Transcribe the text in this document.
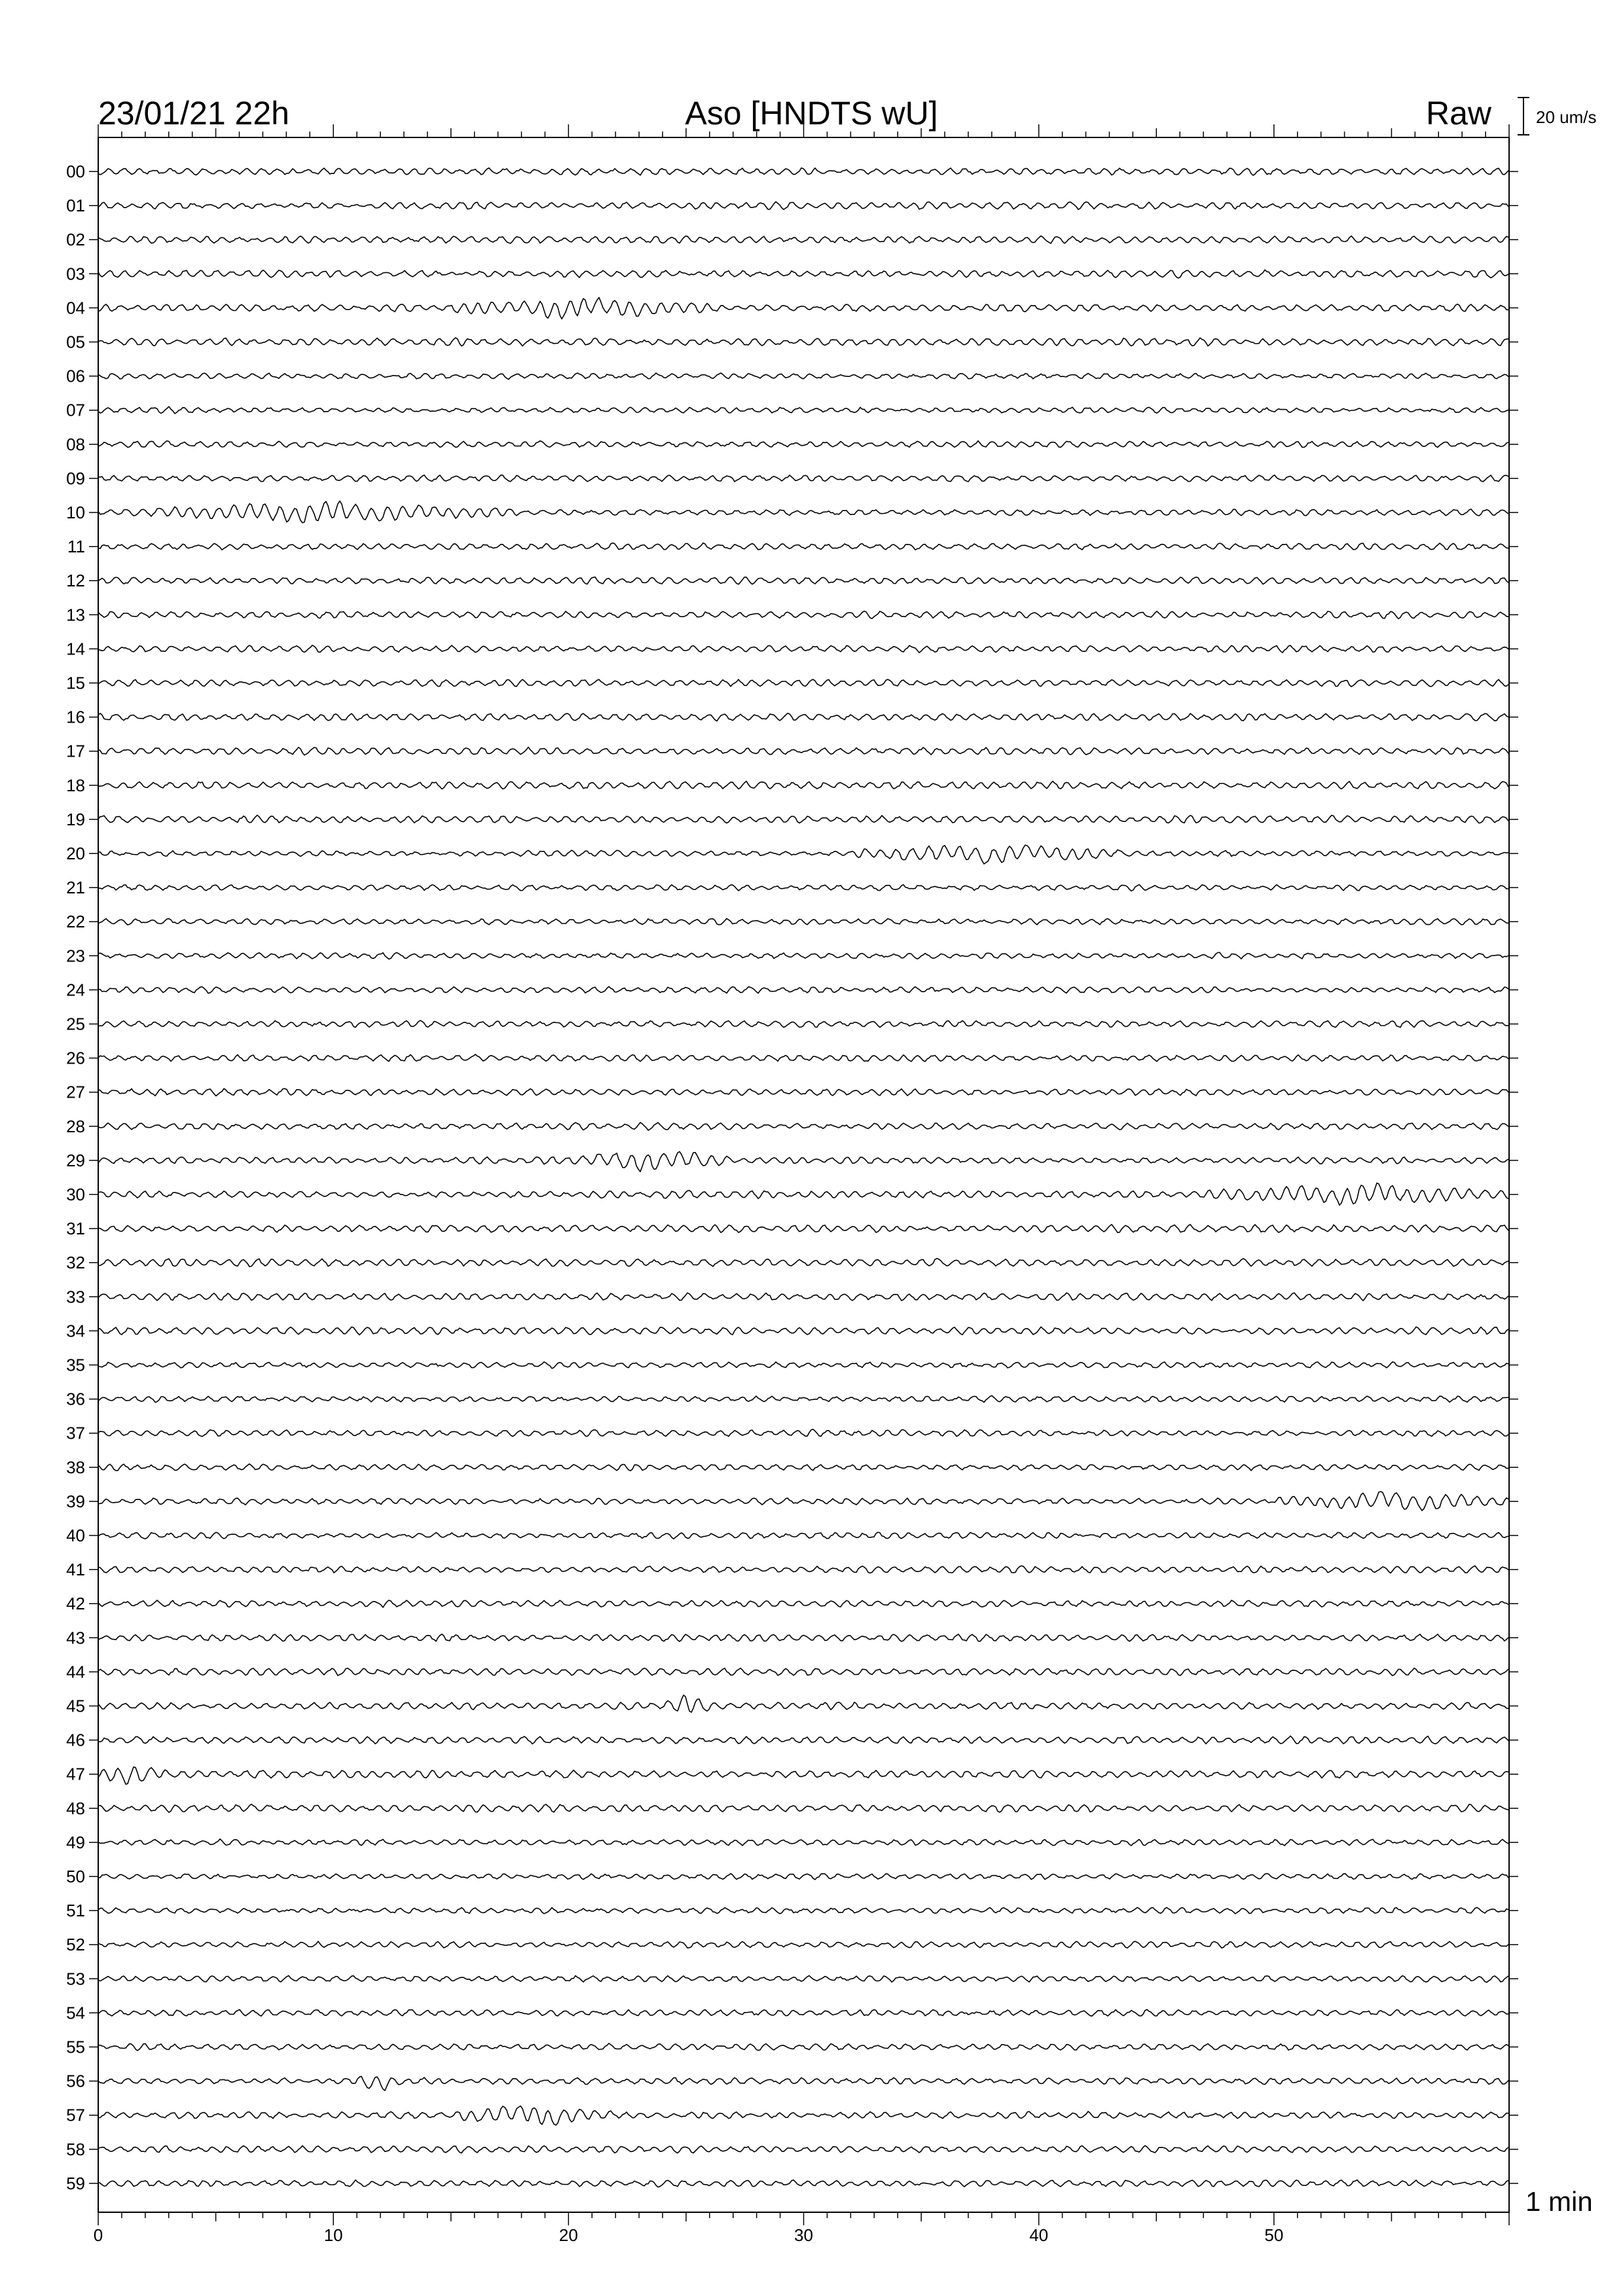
23/01/21 22h	Aso [HNDTS wU]	Raw	20 um/s
1 min
0	10	20	30	40	50
00
01
02
03
04
05
06
07
08
09
10
11
12
13
14
15
16
17
18
19
20
21
22
23
24
25
26
27
28
29
30
31
32
33
34
35
36
37
38
39
40
41
42
43
44
45
46
47
48
49
50
51
52
53
54
55
56
57
58
59
